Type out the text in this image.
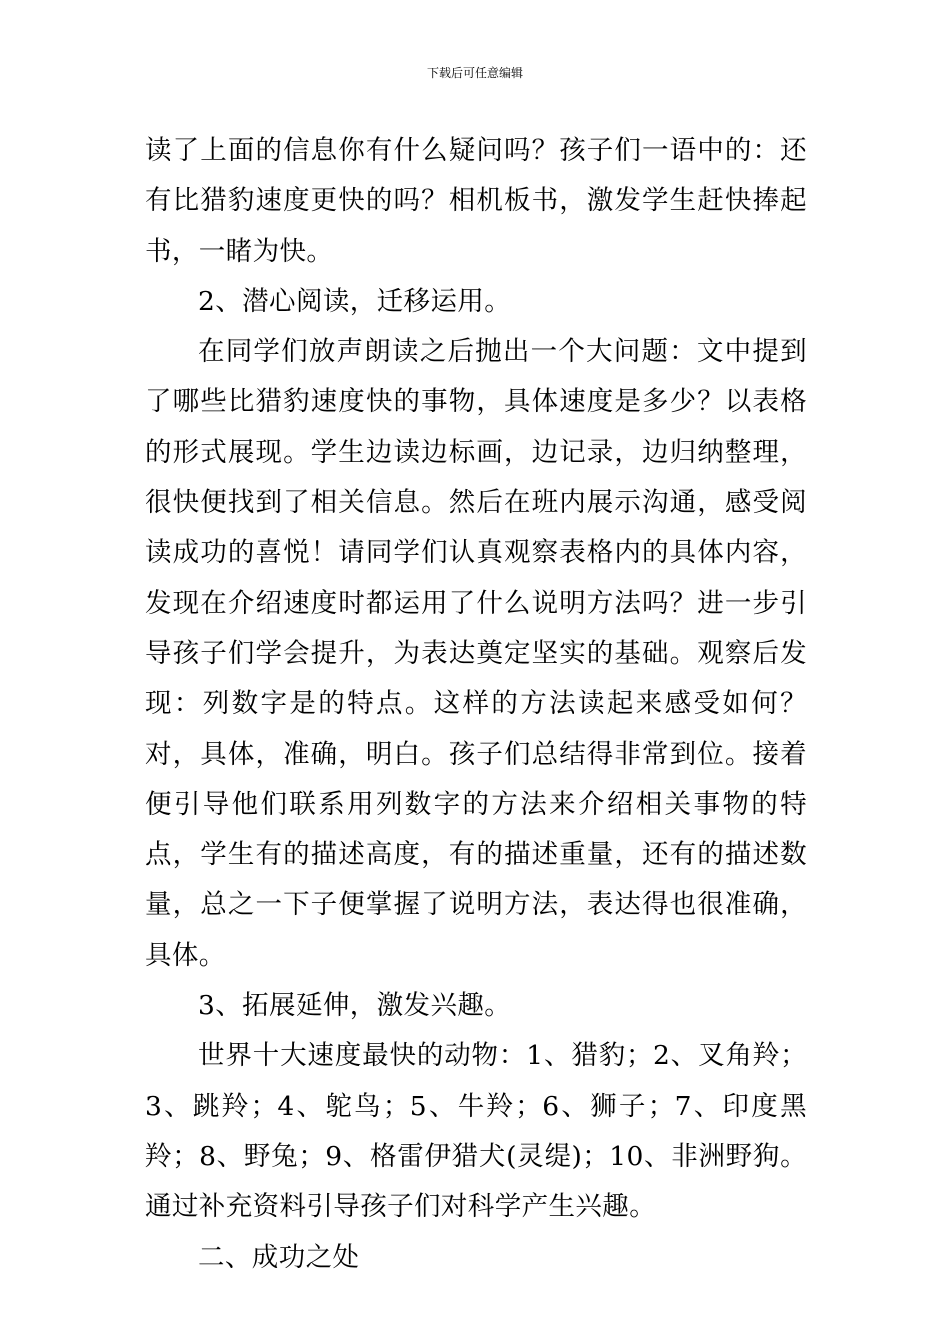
下载后可任意编辑

读了上面的信息你有什么疑问吗？孩子们一语中的：还有比猎豹速度更快的吗？相机板书，激发学生赶快捧起书，一睹为快。

2、潜心阅读，迁移运用。

在同学们放声朗读之后抛出一个大问题：文中提到了哪些比猎豹速度快的事物，具体速度是多少？以表格的形式展现。学生边读边标画，边记录，边归纳整理，很快便找到了相关信息。然后在班内展示沟通，感受阅读成功的喜悦！请同学们认真观察表格内的具体内容，发现在介绍速度时都运用了什么说明方法吗？进一步引导孩子们学会提升，为表达奠定坚实的基础。观察后发现：列数字是的特点。这样的方法读起来感受如何？对，具体，准确，明白。孩子们总结得非常到位。接着便引导他们联系用列数字的方法来介绍相关事物的特点，学生有的描述高度，有的描述重量，还有的描述数量，总之一下子便掌握了说明方法，表达得也很准确，具体。

3、拓展延伸，激发兴趣。

世界十大速度最快的动物：1、猎豹；2、叉角羚；3、跳羚；4、鸵鸟；5、牛羚；6、狮子；7、印度黑羚；8、野兔；9、格雷伊猎犬(灵缇)；10、非洲野狗。通过补充资料引导孩子们对科学产生兴趣。

二、成功之处
